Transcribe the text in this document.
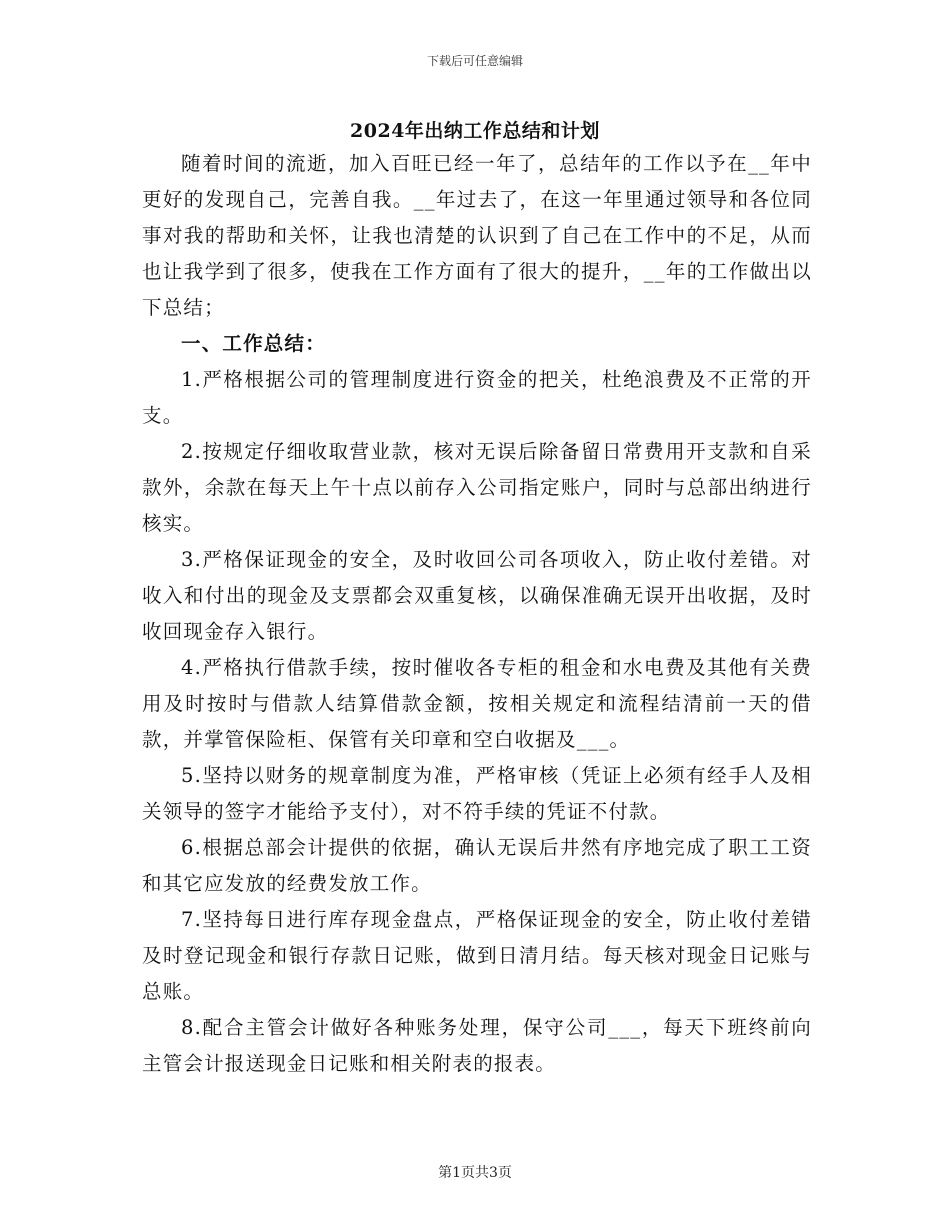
下载后可任意编辑
2024年出纳工作总结和计划

随着时间的流逝，加入百旺已经一年了，总结年的工作以予在__年中更好的发现自己，完善自我。__年过去了，在这一年里通过领导和各位同事对我的帮助和关怀，让我也清楚的认识到了自己在工作中的不足，从而也让我学到了很多，使我在工作方面有了很大的提升，__年的工作做出以下总结；

一、工作总结：

1.严格根据公司的管理制度进行资金的把关，杜绝浪费及不正常的开支。

2.按规定仔细收取营业款，核对无误后除备留日常费用开支款和自采款外，余款在每天上午十点以前存入公司指定账户，同时与总部出纳进行核实。

3.严格保证现金的安全，及时收回公司各项收入，防止收付差错。对收入和付出的现金及支票都会双重复核，以确保准确无误开出收据，及时收回现金存入银行。

4.严格执行借款手续，按时催收各专柜的租金和水电费及其他有关费用及时按时与借款人结算借款金额，按相关规定和流程结清前一天的借款，并掌管保险柜、保管有关印章和空白收据及___。

5.坚持以财务的规章制度为准，严格审核（凭证上必须有经手人及相关领导的签字才能给予支付），对不符手续的凭证不付款。

6.根据总部会计提供的依据，确认无误后井然有序地完成了职工工资和其它应发放的经费发放工作。

7.坚持每日进行库存现金盘点，严格保证现金的安全，防止收付差错及时登记现金和银行存款日记账，做到日清月结。每天核对现金日记账与总账。

8.配合主管会计做好各种账务处理，保守公司___，每天下班终前向主管会计报送现金日记账和相关附表的报表。

第1页共3页
